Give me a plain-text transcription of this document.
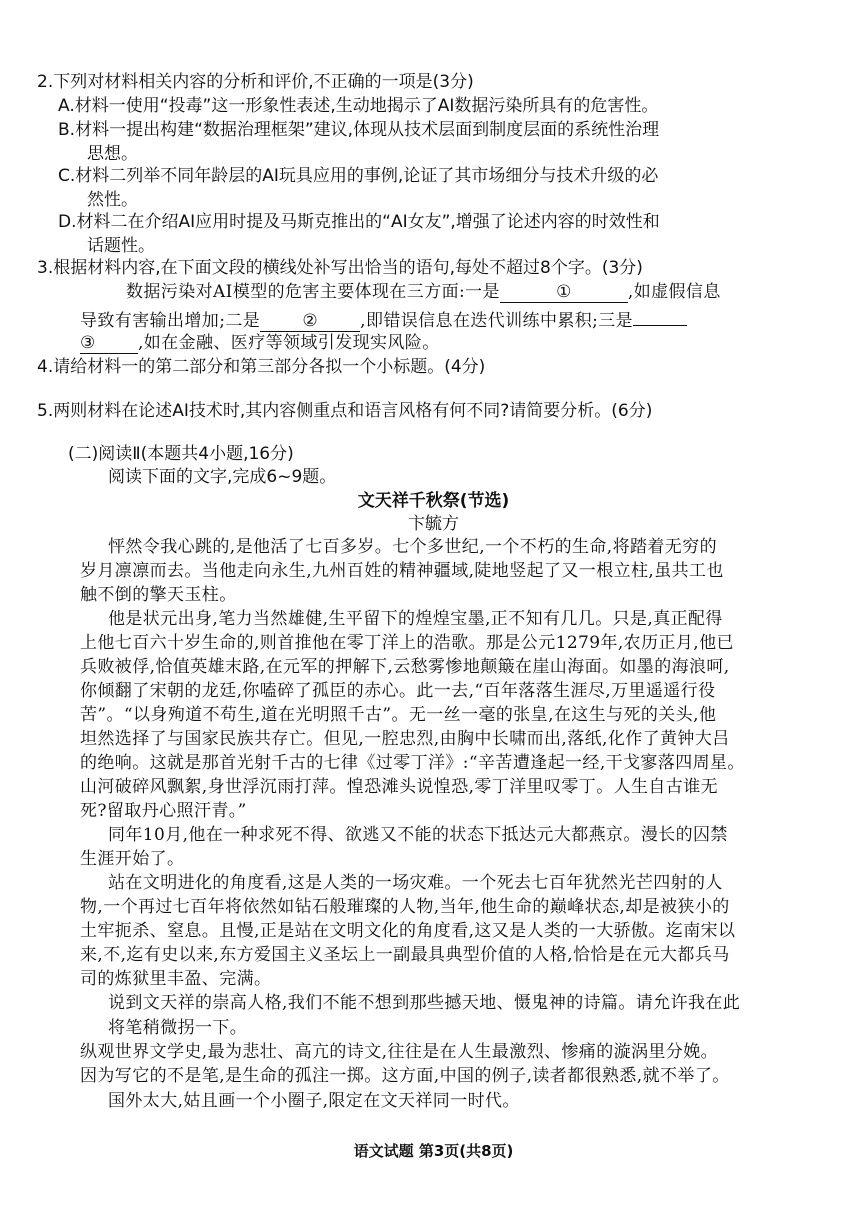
2.下列对材料相关内容的分析和评价,不正确的一项是(3分)
A.材料一使用“投毒”这一形象性表述,生动地揭示了AI数据污染所具有的危害性。
B.材料一提出构建“数据治理框架”建议,体现从技术层面到制度层面的系统性治理
思想。
C.材料二列举不同年龄层的AI玩具应用的事例,论证了其市场细分与技术升级的必
然性。
D.材料二在介绍AI应用时提及马斯克推出的“AI女友”,增强了论述内容的时效性和
话题性。
3.根据材料内容,在下面文段的横线处补写出恰当的语句,每处不超过8个字。(3分)
数据污染对AI模型的危害主要体现在三方面:一是	①	,如虚假信息
导致有害输出增加;二是 ② ,即错误信息在迭代训练中累积;三是
③ ,如在金融、医疗等领域引发现实风险。
4.请给材料一的第二部分和第三部分各拟一个小标题。(4分)
5.两则材料在论述AI技术时,其内容侧重点和语言风格有何不同?请简要分析。(6分)
(二)阅读Ⅱ(本题共4小题,16分)
阅读下面的文字,完成6~9题。
文天祥千秋祭(节选)
卞毓方
怦然令我心跳的,是他活了七百多岁。七个多世纪,一个不朽的生命,将踏着无穷的
岁月凛凛而去。当他走向永生,九州百姓的精神疆域,陡地竖起了又一根立柱,虽共工也
触不倒的擎天玉柱。
他是状元出身,笔力当然雄健,生平留下的煌煌宝墨,正不知有几几。只是,真正配得
上他七百六十岁生命的,则首推他在零丁洋上的浩歌。那是公元1279年,农历正月,他已
兵败被俘,恰值英雄末路,在元军的押解下,云愁雾惨地颠簸在崖山海面。如墨的海浪呵,
你倾翻了宋朝的龙廷,你嗑碎了孤臣的赤心。此一去,“百年落落生涯尽,万里遥遥行役
苦”。“以身殉道不苟生,道在光明照千古”。无一丝一毫的张皇,在这生与死的关头,他
坦然选择了与国家民族共存亡。但见,一腔忠烈,由胸中长啸而出,落纸,化作了黄钟大吕
的绝响。这就是那首光射千古的七律《过零丁洋》:“辛苦遭逢起一经,干戈寥落四周星。
山河破碎风飘絮,身世浮沉雨打萍。惶恐滩头说惶恐,零丁洋里叹零丁。人生自古谁无
死?留取丹心照汗青。”
同年10月,他在一种求死不得、欲逃又不能的状态下抵达元大都燕京。漫长的囚禁
生涯开始了。
站在文明进化的角度看,这是人类的一场灾难。一个死去七百年犹然光芒四射的人
物,一个再过七百年将依然如钻石般璀璨的人物,当年,他生命的巅峰状态,却是被狭小的
土牢扼杀、窒息。且慢,正是站在文明文化的角度看,这又是人类的一大骄傲。迄南宋以
来,不,迄有史以来,东方爱国主义圣坛上一副最具典型价值的人格,恰恰是在元大都兵马
司的炼狱里丰盈、完满。
说到文天祥的崇高人格,我们不能不想到那些撼天地、慑鬼神的诗篇。请允许我在此
将笔稍微拐一下。
纵观世界文学史,最为悲壮、高亢的诗文,往往是在人生最激烈、惨痛的漩涡里分娩。
因为写它的不是笔,是生命的孤注一掷。这方面,中国的例子,读者都很熟悉,就不举了。
国外太大,姑且画一个小圈子,限定在文天祥同一时代。
语文试题 第3页(共8页)
